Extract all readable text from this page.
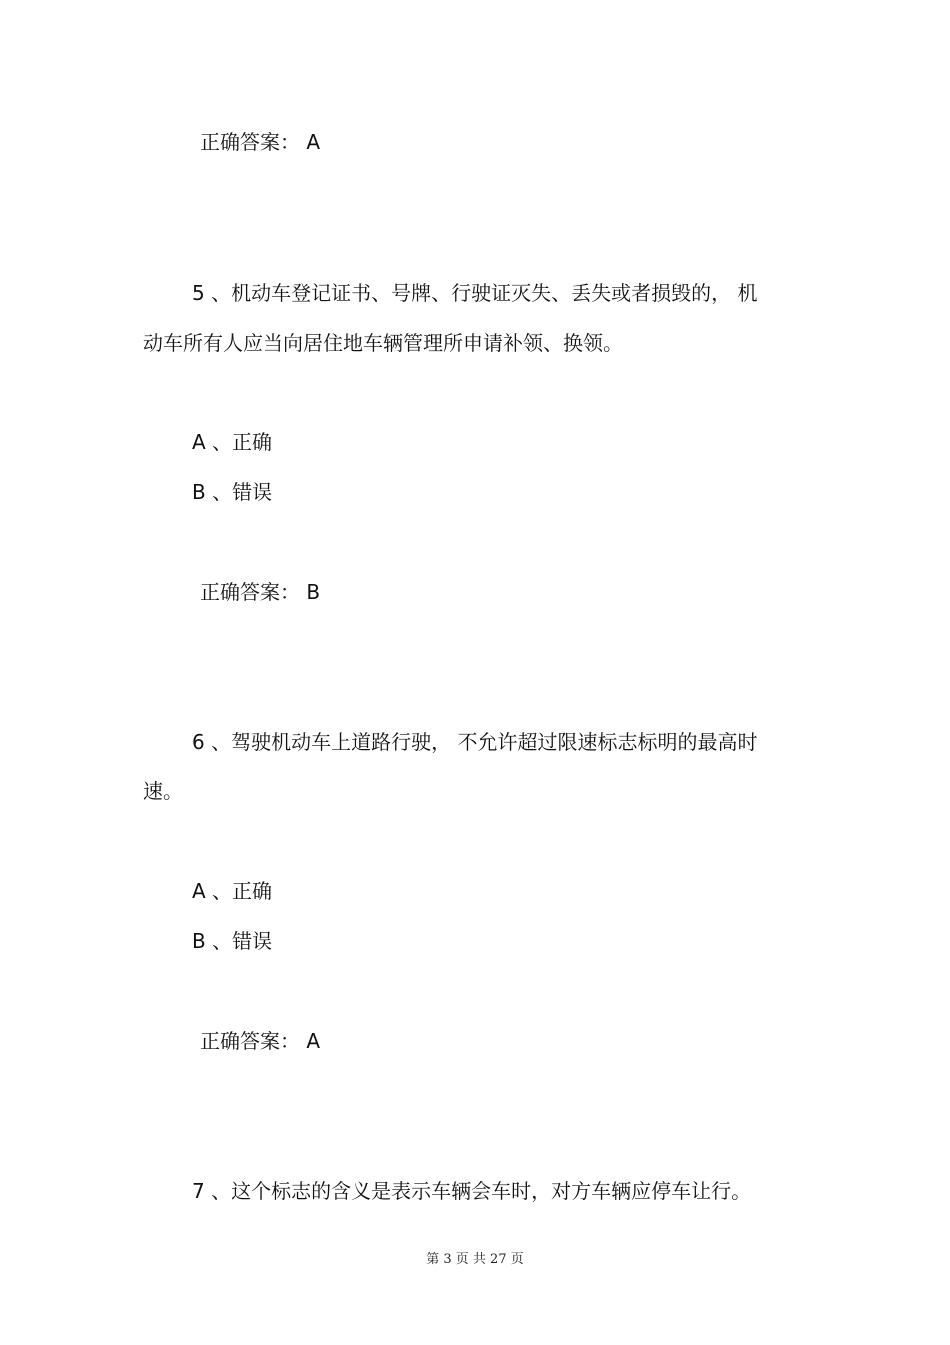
正确答案： A
5 、机动车登记证书、号牌、行驶证灭失、丢失或者损毁的， 机
动车所有人应当向居住地车辆管理所申请补领、换领。
A 、正确
B 、错误
正确答案： B
6 、驾驶机动车上道路行驶， 不允许超过限速标志标明的最高时
速。
A 、正确
B 、错误
正确答案： A
7 、这个标志的含义是表示车辆会车时，对方车辆应停车让行。
第 3 页 共 27 页
